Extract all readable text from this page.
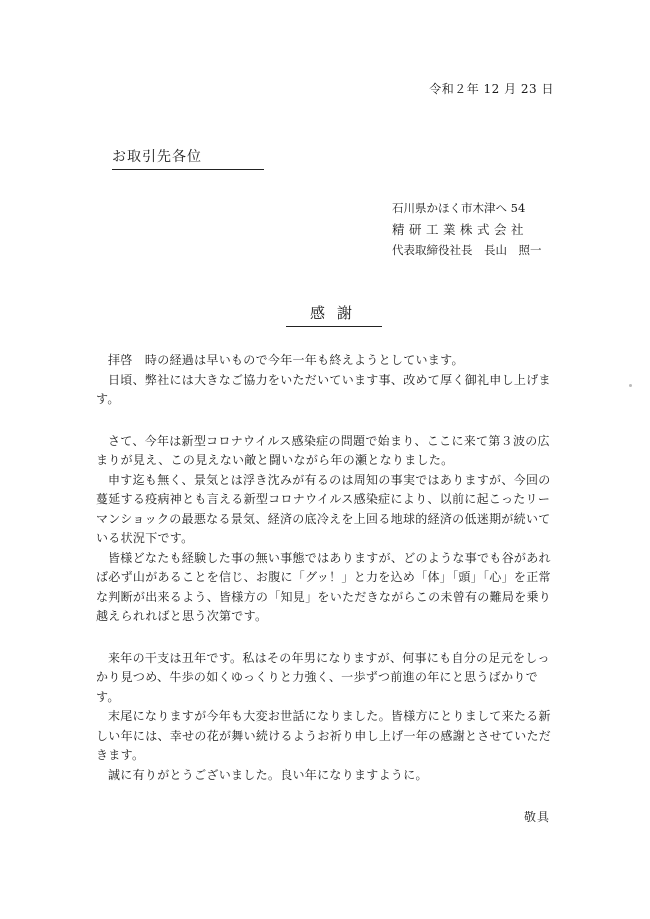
令和２年 12 月 23 日
お取引先各位
石川県かほく市木津へ 54
精研工業株式会社
代表取締役社長　長山　照一
感謝

拝啓　時の経過は早いもので今年一年も終えようとしています。

日頃、弊社には大きなご協力をいただいています事、改めて厚く御礼申し上げます。

さて、今年は新型コロナウイルス感染症の問題で始まり、ここに来て第３波の広まりが見え、この見えない敵と闘いながら年の瀬となりました。

申す迄も無く、景気とは浮き沈みが有るのは周知の事実ではありますが、今回の蔓延する疫病神とも言える新型コロナウイルス感染症により、以前に起こったリーマンショックの最悪なる景気、経済の底冷えを上回る地球的経済の低迷期が続いている状況下です。

皆様どなたも経験した事の無い事態ではありますが、どのような事でも谷があれば必ず山があることを信じ、お腹に「グッ！」と力を込め「体」「頭」「心」を正常な判断が出来るよう、皆様方の「知見」をいただきながらこの未曾有の難局を乗り越えられればと思う次第です。

来年の干支は丑年です。私はその年男になりますが、何事にも自分の足元をしっかり見つめ、牛歩の如くゆっくりと力強く、一歩ずつ前進の年にと思うばかりです。

末尾になりますが今年も大変お世話になりました。皆様方にとりまして来たる新しい年には、幸せの花が舞い続けるようお祈り申し上げ一年の感謝とさせていただきます。

誠に有りがとうございました。良い年になりますように。

敬具
